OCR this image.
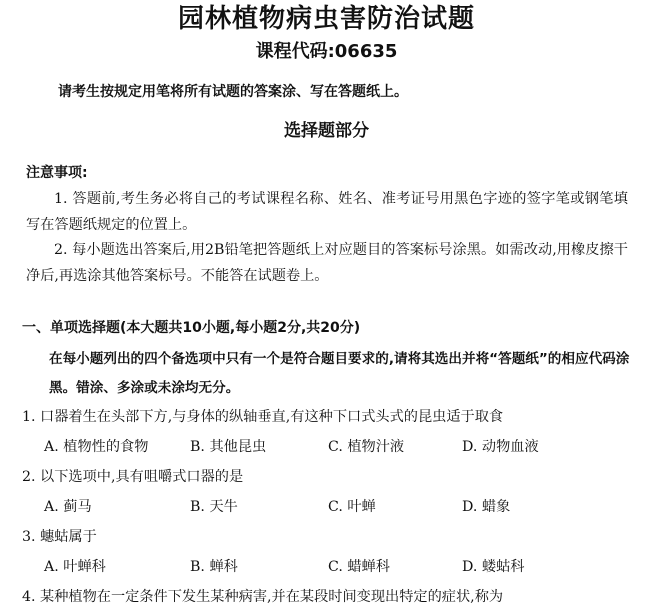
园林植物病虫害防治试题
课程代码:06635
请考生按规定用笔将所有试题的答案涂、写在答题纸上。
选择题部分
注意事项:
1. 答题前,考生务必将自己的考试课程名称、姓名、准考证号用黑色字迹的签字笔或钢笔填写在答题纸规定的位置上。
2. 每小题选出答案后,用2B铅笔把答题纸上对应题目的答案标号涂黑。如需改动,用橡皮擦干净后,再选涂其他答案标号。不能答在试题卷上。
一、单项选择题(本大题共10小题,每小题2分,共20分)
在每小题列出的四个备选项中只有一个是符合题目要求的,请将其选出并将“答题纸”的相应代码涂黑。错涂、多涂或未涂均无分。
1. 口器着生在头部下方,与身体的纵轴垂直,有这种下口式头式的昆虫适于取食
A. 植物性的食物	B. 其他昆虫	C. 植物汁液	D. 动物血液
2. 以下选项中,具有咀嚼式口器的是
A. 蓟马	B. 天牛	C. 叶蝉	D. 蜡象
3. 蟪蛄属于
A. 叶蝉科	B. 蝉科	C. 蜡蝉科	D. 蝼蛄科
4. 某种植物在一定条件下发生某种病害,并在某段时间变现出特定的症状,称为
